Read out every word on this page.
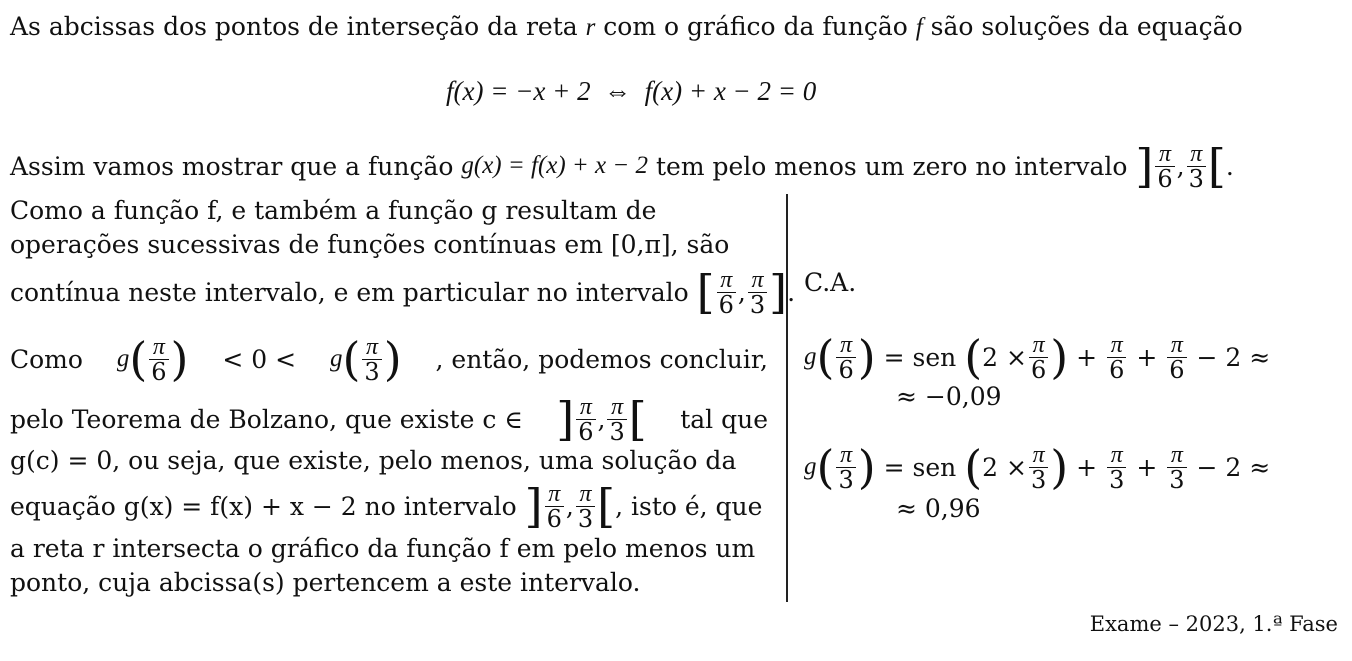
As abcissas dos pontos de interseção da reta r com o gráfico da função f são soluções da equação
f(x) = −x + 2 ⇔ f(x) + x − 2 = 0
Assim vamos mostrar que a função
g(x) = f(x) + x − 2
tem pelo menos um zero no intervalo
] $\frac{\pi}{6}$ , $\frac{\pi}{3}$ [ .
Como a função f, e também a função g resultam de
operações sucessivas de funções contínuas em [0,π], são
contínua neste intervalo, e em particular no intervalo
[ $\frac{\pi}{6}$ , $\frac{\pi}{3}$ ] .
Como g ( $\frac{\pi}{6}$ ) < 0 < g ( $\frac{\pi}{3}$ ) , então, podemos concluir,
pelo Teorema de Bolzano, que existe c ∈ ] $\frac{\pi}{6}$ , $\frac{\pi}{3}$ [ tal que
g(c) = 0, ou seja, que existe, pelo menos, uma solução da
equação g(x) = f(x) + x − 2 no intervalo
] $\frac{\pi}{6}$ , $\frac{\pi}{3}$ [ , isto é, que
a reta r intersecta o gráfico da função f em pelo menos um
ponto, cuja abcissa(s) pertencem a este intervalo.
C.A.
g ( $\frac{\pi}{6}$ )
= sen
( $2 \times \frac{\pi}{6}$ )
+
$\frac{\pi}{6}$
+
$\frac{\pi}{6}$
− 2 ≈
≈ −0,09
g ( $\frac{\pi}{3}$ )
= sen
( $2 \times \frac{\pi}{3}$ )
+
$\frac{\pi}{3}$
+
$\frac{\pi}{3}$
− 2 ≈
≈ 0,96
Exame – 2023, 1.ª Fase
